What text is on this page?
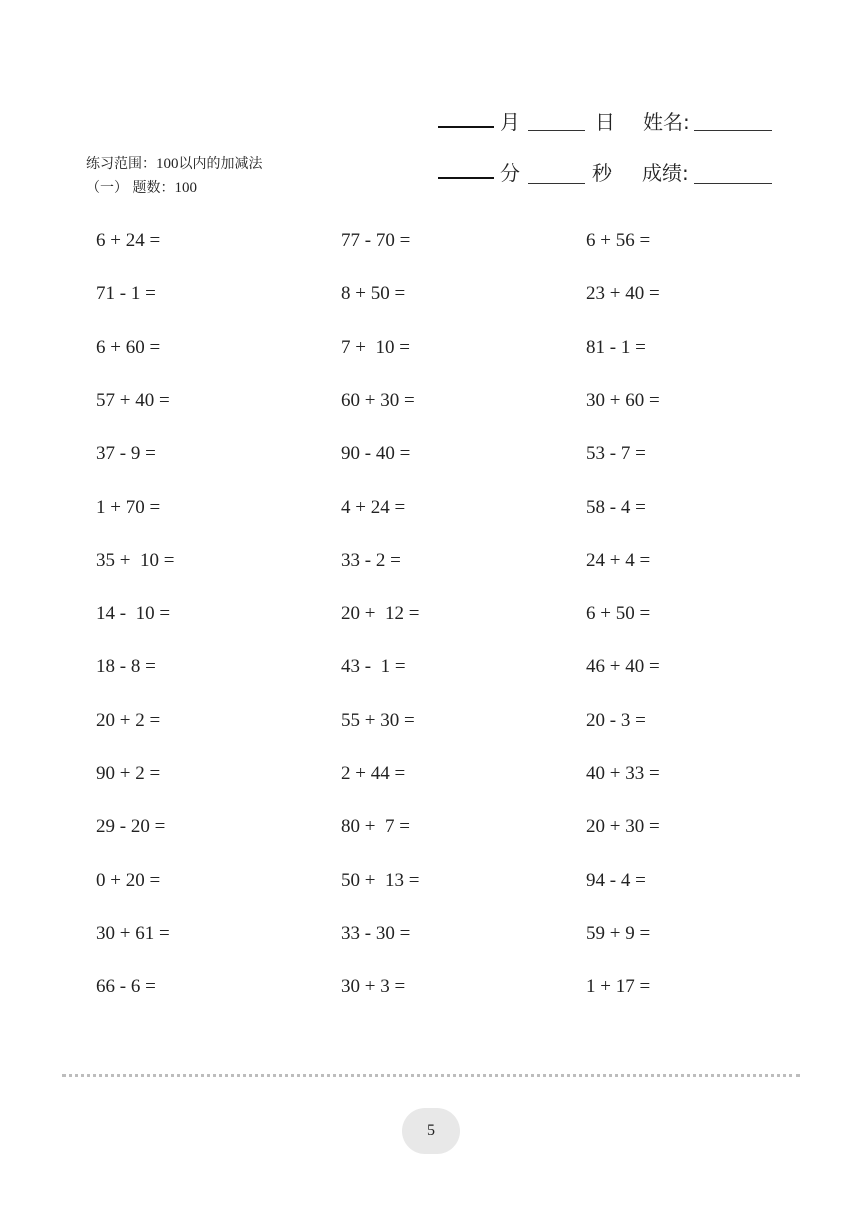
月	日 姓名:
分	秒 成绩:
练习范围：100以内的加减法
（一） 题数：100
6 + 24 =
71 - 1 =
6 + 60 =
57 + 40 =
37 - 9 =
1 + 70 =
35 +  10 =
14 -  10 =
18 - 8 =
20 + 2 =
90 + 2 =
29 - 20 =
0 + 20 =
30 + 61 =
66 - 6 =
77 - 70 =
8 + 50 =
7 +  10 =
60 + 30 =
90 - 40 =
4 + 24 =
33 - 2 =
20 +  12 =
43 -  1 =
55 + 30 =
2 + 44 =
80 +  7 =
50 +  13 =
33 - 30 =
30 + 3 =
6 + 56 =
23 + 40 =
81 - 1 =
30 + 60 =
53 - 7 =
58 - 4 =
24 + 4 =
6 + 50 =
46 + 40 =
20 - 3 =
40 + 33 =
20 + 30 =
94 - 4 =
59 + 9 =
1 + 17 =
5
